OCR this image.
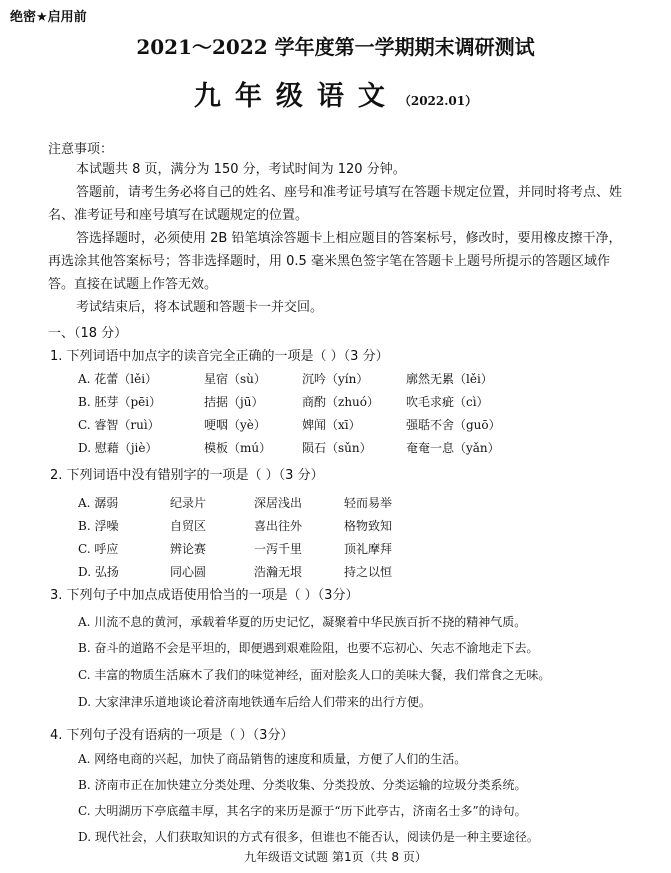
绝密★启用前
2021～2022 学年度第一学期期末调研测试
九年级语文（2022.01）
注意事项：
本试题共 8 页，满分为 150 分，考试时间为 120 分钟。
答题前，请考生务必将自己的姓名、座号和准考证号填写在答题卡规定位置，并同时将考点、姓名、准考证号和座号填写在试题规定的位置。
答选择题时，必须使用 2B 铅笔填涂答题卡上相应题目的答案标号，修改时，要用橡皮擦干净，再选涂其他答案标号；答非选择题时，用 0.5 毫米黑色签字笔在答题卡上题号所提示的答题区域作答。直接在试题上作答无效。
考试结束后，将本试题和答题卡一并交回。
一、（18 分）
1. 下列词语中加点字的读音完全正确的一项是（ ）（3 分）
A. 花蕾（lěi）	星宿（sù）	沉吟（yín）	廓然无累（lěi）
B. 胚芽（pēi）	拮据（jū）	商酌（zhuó） 吹毛求疵（cì）
C. 睿智（ruì）	哽咽（yè）	婢闻（xī）	强聒不舍（guō）
D. 慰藉（jiè）	模板（mú）	陨石（sǔn）	奄奄一息（yǎn）
2. 下列词语中没有错别字的一项是（ ）（3 分）
A. 潺弱	纪录片	深居浅出	轻而易举
B. 浮噪	自贸区	喜出往外	格物致知
C. 呼应	辨论赛	一泻千里	顶礼摩拜
D. 弘扬	同心圆	浩瀚无垠	持之以恒
3. 下列句子中加点成语使用恰当的一项是（ ）（3分）
A. 川流不息的黄河，承载着华夏的历史记忆，凝聚着中华民族百折不挠的精神气质。
B. 奋斗的道路不会是平坦的，即便遇到艰难险阻，也要不忘初心、矢志不渝地走下去。
C. 丰富的物质生活麻木了我们的味觉神经，面对脍炙人口的美味大餐，我们常食之无味。
D. 大家津津乐道地谈论着济南地铁通车后给人们带来的出行方便。
4. 下列句子没有语病的一项是（ ）（3分）
A. 网络电商的兴起，加快了商品销售的速度和质量，方便了人们的生活。
B. 济南市正在加快建立分类处理、分类收集、分类投放、分类运输的垃圾分类系统。
C. 大明湖历下亭底蕴丰厚，其名字的来历是源于“历下此亭古，济南名士多”的诗句。
D. 现代社会，人们获取知识的方式有很多，但谁也不能否认，阅读仍是一种主要途径。
九年级语文试题 第1页（共 8 页）
